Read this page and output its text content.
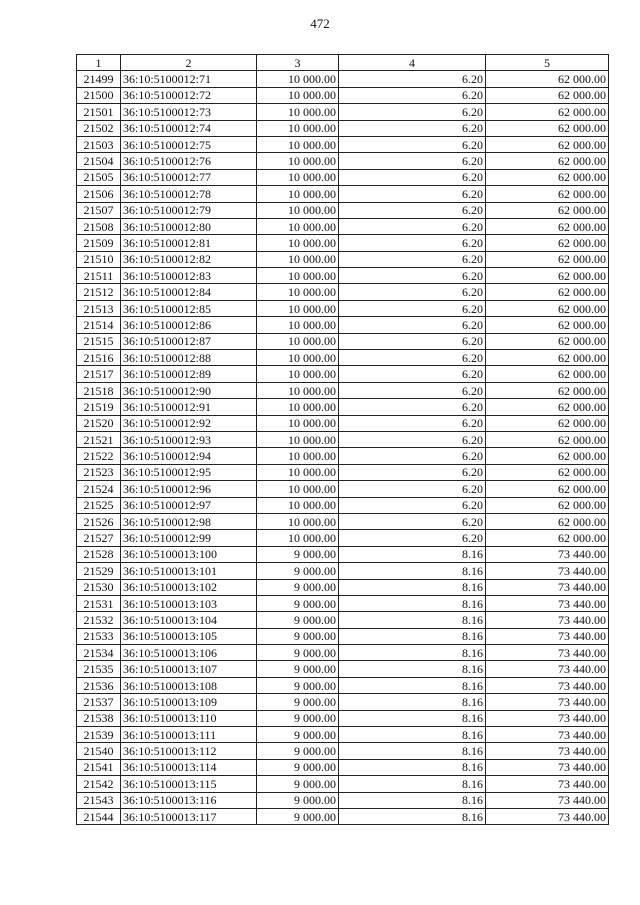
472
1	2	3	4	5
21499	36:10:5100012:71	10 000.00	6.20	62 000.00
21500	36:10:5100012:72	10 000.00	6.20	62 000.00
21501	36:10:5100012:73	10 000.00	6.20	62 000.00
21502	36:10:5100012:74	10 000.00	6.20	62 000.00
21503	36:10:5100012:75	10 000.00	6.20	62 000.00
21504	36:10:5100012:76	10 000.00	6.20	62 000.00
21505	36:10:5100012:77	10 000.00	6.20	62 000.00
21506	36:10:5100012:78	10 000.00	6.20	62 000.00
21507	36:10:5100012:79	10 000.00	6.20	62 000.00
21508	36:10:5100012:80	10 000.00	6.20	62 000.00
21509	36:10:5100012:81	10 000.00	6.20	62 000.00
21510	36:10:5100012:82	10 000.00	6.20	62 000.00
21511	36:10:5100012:83	10 000.00	6.20	62 000.00
21512	36:10:5100012:84	10 000.00	6.20	62 000.00
21513	36:10:5100012:85	10 000.00	6.20	62 000.00
21514	36:10:5100012:86	10 000.00	6.20	62 000.00
21515	36:10:5100012:87	10 000.00	6.20	62 000.00
21516	36:10:5100012:88	10 000.00	6.20	62 000.00
21517	36:10:5100012:89	10 000.00	6.20	62 000.00
21518	36:10:5100012:90	10 000.00	6.20	62 000.00
21519	36:10:5100012:91	10 000.00	6.20	62 000.00
21520	36:10:5100012:92	10 000.00	6.20	62 000.00
21521	36:10:5100012:93	10 000.00	6.20	62 000.00
21522	36:10:5100012:94	10 000.00	6.20	62 000.00
21523	36:10:5100012:95	10 000.00	6.20	62 000.00
21524	36:10:5100012:96	10 000.00	6.20	62 000.00
21525	36:10:5100012:97	10 000.00	6.20	62 000.00
21526	36:10:5100012:98	10 000.00	6.20	62 000.00
21527	36:10:5100012:99	10 000.00	6.20	62 000.00
21528	36:10:5100013:100	9 000.00	8.16	73 440.00
21529	36:10:5100013:101	9 000.00	8.16	73 440.00
21530	36:10:5100013:102	9 000.00	8.16	73 440.00
21531	36:10:5100013:103	9 000.00	8.16	73 440.00
21532	36:10:5100013:104	9 000.00	8.16	73 440.00
21533	36:10:5100013:105	9 000.00	8.16	73 440.00
21534	36:10:5100013:106	9 000.00	8.16	73 440.00
21535	36:10:5100013:107	9 000.00	8.16	73 440.00
21536	36:10:5100013:108	9 000.00	8.16	73 440.00
21537	36:10:5100013:109	9 000.00	8.16	73 440.00
21538	36:10:5100013:110	9 000.00	8.16	73 440.00
21539	36:10:5100013:111	9 000.00	8.16	73 440.00
21540	36:10:5100013:112	9 000.00	8.16	73 440.00
21541	36:10:5100013:114	9 000.00	8.16	73 440.00
21542	36:10:5100013:115	9 000.00	8.16	73 440.00
21543	36:10:5100013:116	9 000.00	8.16	73 440.00
21544	36:10:5100013:117	9 000.00	8.16	73 440.00
